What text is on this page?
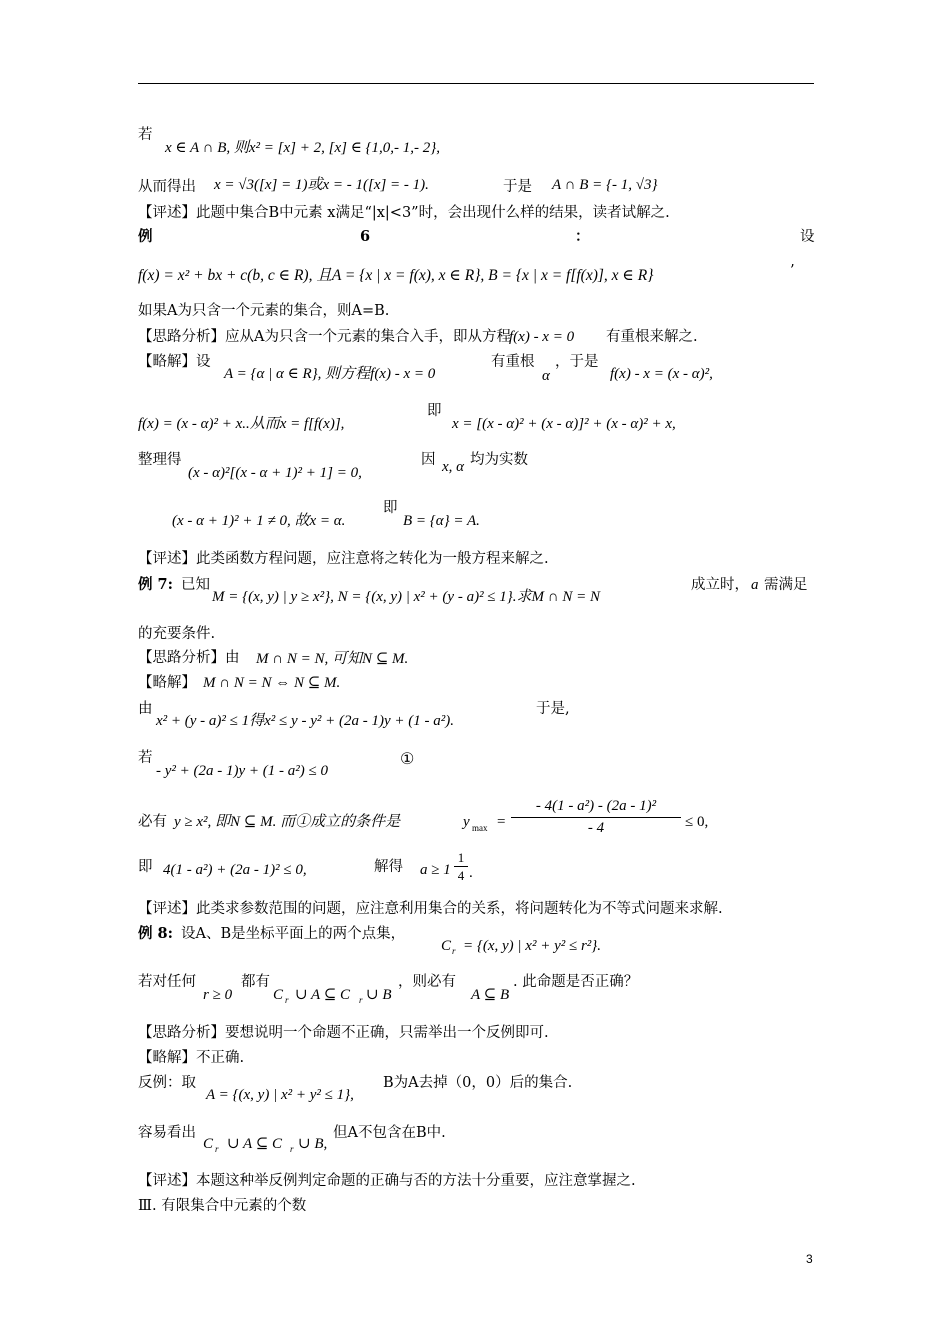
若
x ∈ A ∩ B, 则x² = [x] + 2, [x] ∈ {1,0,- 1,- 2},
从而得出 x = √3([x] = 1)或x = - 1([x] = - 1).	于是 A ∩ B = {- 1, √3}
【评述】此题中集合B中元素 x满足“|x|<3”时，会出现什么样的结果，读者试解之.
例	6	：	设
f(x) = x² + bx + c(b, c ∈ R), 且A = {x | x = f(x), x ∈ R}, B = {x | x = f[f(x)], x ∈ R}	’
如果A为只含一个元素的集合，则A=B.
【思路分析】应从A为只含一个元素的集合入手，即从方程
f(x) - x = 0 有重根来解之.
【略解】设
A = {α | α ∈ R}, 则方程f(x) - x = 0
有重根
α
，于是
f(x) - x = (x - α)²,
f(x) = (x - α)² + x..从而x = f[f(x)],
即
x = [(x - α)² + (x - α)]² + (x - α)² + x,
整理得
(x - α)²[(x - α + 1)² + 1] = 0,
因 x, α 均为实数
(x - α + 1)² + 1 ≠ 0, 故x = α.
即
B = {α} = A.
【评述】此类函数方程问题，应注意将之转化为一般方程来解之.
例 7: 已知
M = {(x, y) | y ≥ x²}, N = {(x, y) | x² + (y - a)² ≤ 1}.求M ∩ N = N
成立时， a 需满足
的充要条件.
【思路分析】由 M ∩ N = N, 可知N ⊆ M.
【略解】 M ∩ N = N ⇔ N ⊆ M.
由
x² + (y - a)² ≤ 1得x² ≤ y - y² + (2a - 1)y + (1 - a²).
于是,
若
- y² + (2a - 1)y + (1 - a²) ≤ 0
①
必有 y ≥ x², 即N ⊆ M. 而①成立的条件是	y $\max = \frac{\text{- 4(1 - a²) - (2a - 1)²}}{- 4} \le 0$,
即 4(1 - a²) + (2a - 1)² ≤ 0,	解得 $a \ge 1 \frac{1}{4}$ .
【评述】此类求参数范围的问题，应注意利用集合的关系，将问题转化为不等式问题来求解.
例 8: 设A、B是坐标平面上的两个点集，
C r = {(x, y) | x² + y² ≤ r²}.
若对任何
r ≥ 0
都有
C r ∪ A ⊆ C r ∪ B
，则必有
A ⊆ B
. 此命题是否正确？
【思路分析】要想说明一个命题不正确，只需举出一个反例即可.
【略解】不正确.
反例：取
A = {(x, y) | x² + y² ≤ 1},
B为A去掉（0，0）后的集合.
容易看出
C r ∪ A ⊆ C r ∪ B,
但A不包含在B中.
【评述】本题这种举反例判定命题的正确与否的方法十分重要，应注意掌握之.
Ⅲ. 有限集合中元素的个数
3
